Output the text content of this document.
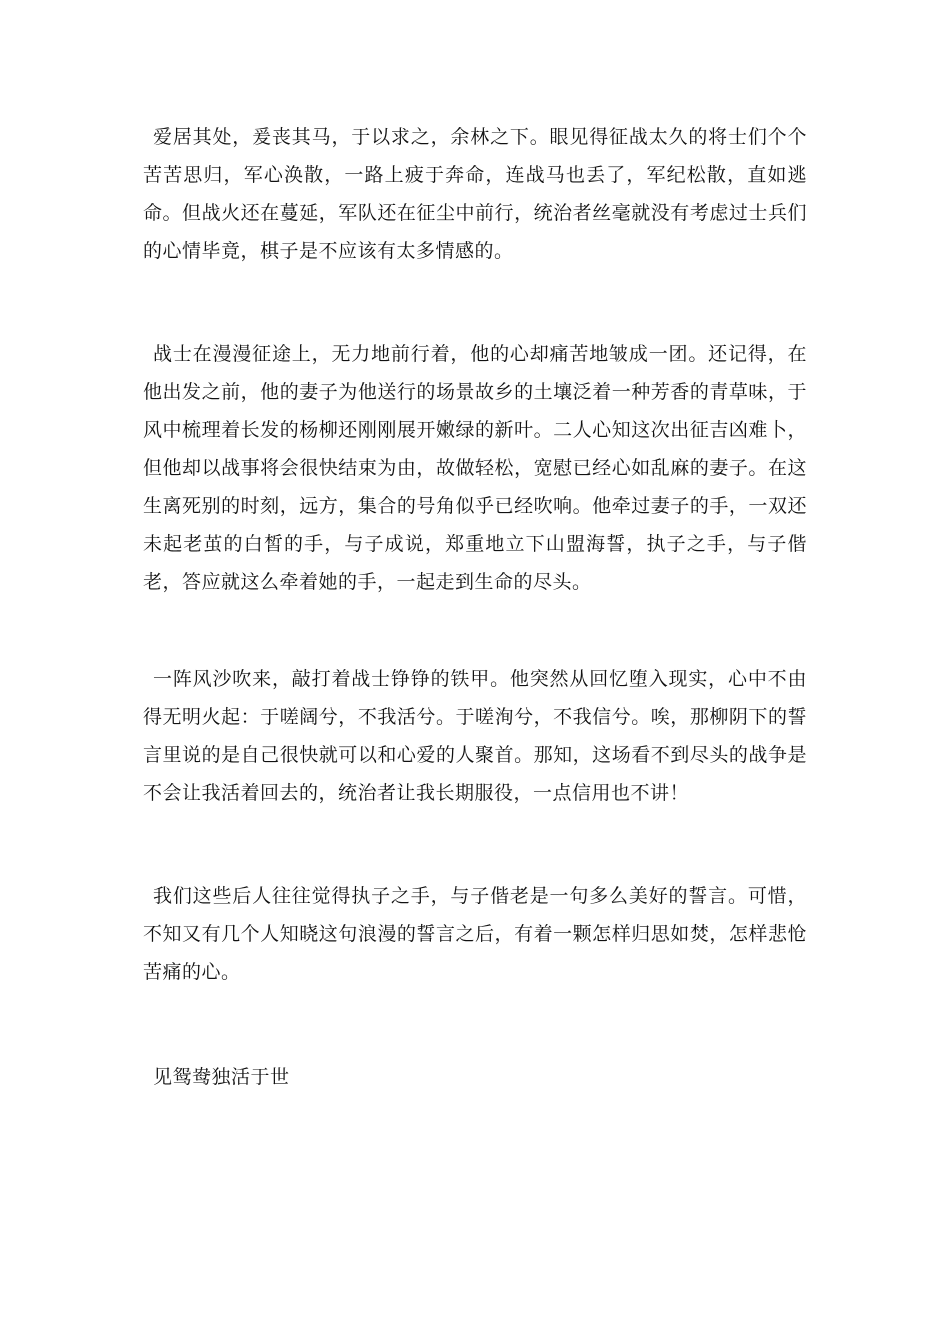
爱居其处，爰丧其马，于以求之，余林之下。眼见得征战太久的将士们个个苦苦思归，军心涣散，一路上疲于奔命，连战马也丢了，军纪松散，直如逃命。但战火还在蔓延，军队还在征尘中前行，统治者丝毫就没有考虑过士兵们的心情毕竟，棋子是不应该有太多情感的。

战士在漫漫征途上，无力地前行着，他的心却痛苦地皱成一团。还记得，在他出发之前，他的妻子为他送行的场景故乡的土壤泛着一种芳香的青草味，于风中梳理着长发的杨柳还刚刚展开嫩绿的新叶。二人心知这次出征吉凶难卜，但他却以战事将会很快结束为由，故做轻松，宽慰已经心如乱麻的妻子。在这生离死别的时刻，远方，集合的号角似乎已经吹响。他牵过妻子的手，一双还未起老茧的白皙的手，与子成说，郑重地立下山盟海誓，执子之手，与子偕老，答应就这么牵着她的手，一起走到生命的尽头。

一阵风沙吹来，敲打着战士铮铮的铁甲。他突然从回忆堕入现实，心中不由得无明火起：于嗟阔兮，不我活兮。于嗟洵兮，不我信兮。唉，那柳阴下的誓言里说的是自己很快就可以和心爱的人聚首。那知，这场看不到尽头的战争是不会让我活着回去的，统治者让我长期服役，一点信用也不讲！

我们这些后人往往觉得执子之手，与子偕老是一句多么美好的誓言。可惜，不知又有几个人知晓这句浪漫的誓言之后，有着一颗怎样归思如焚，怎样悲怆苦痛的心。

见鸳鸯独活于世
